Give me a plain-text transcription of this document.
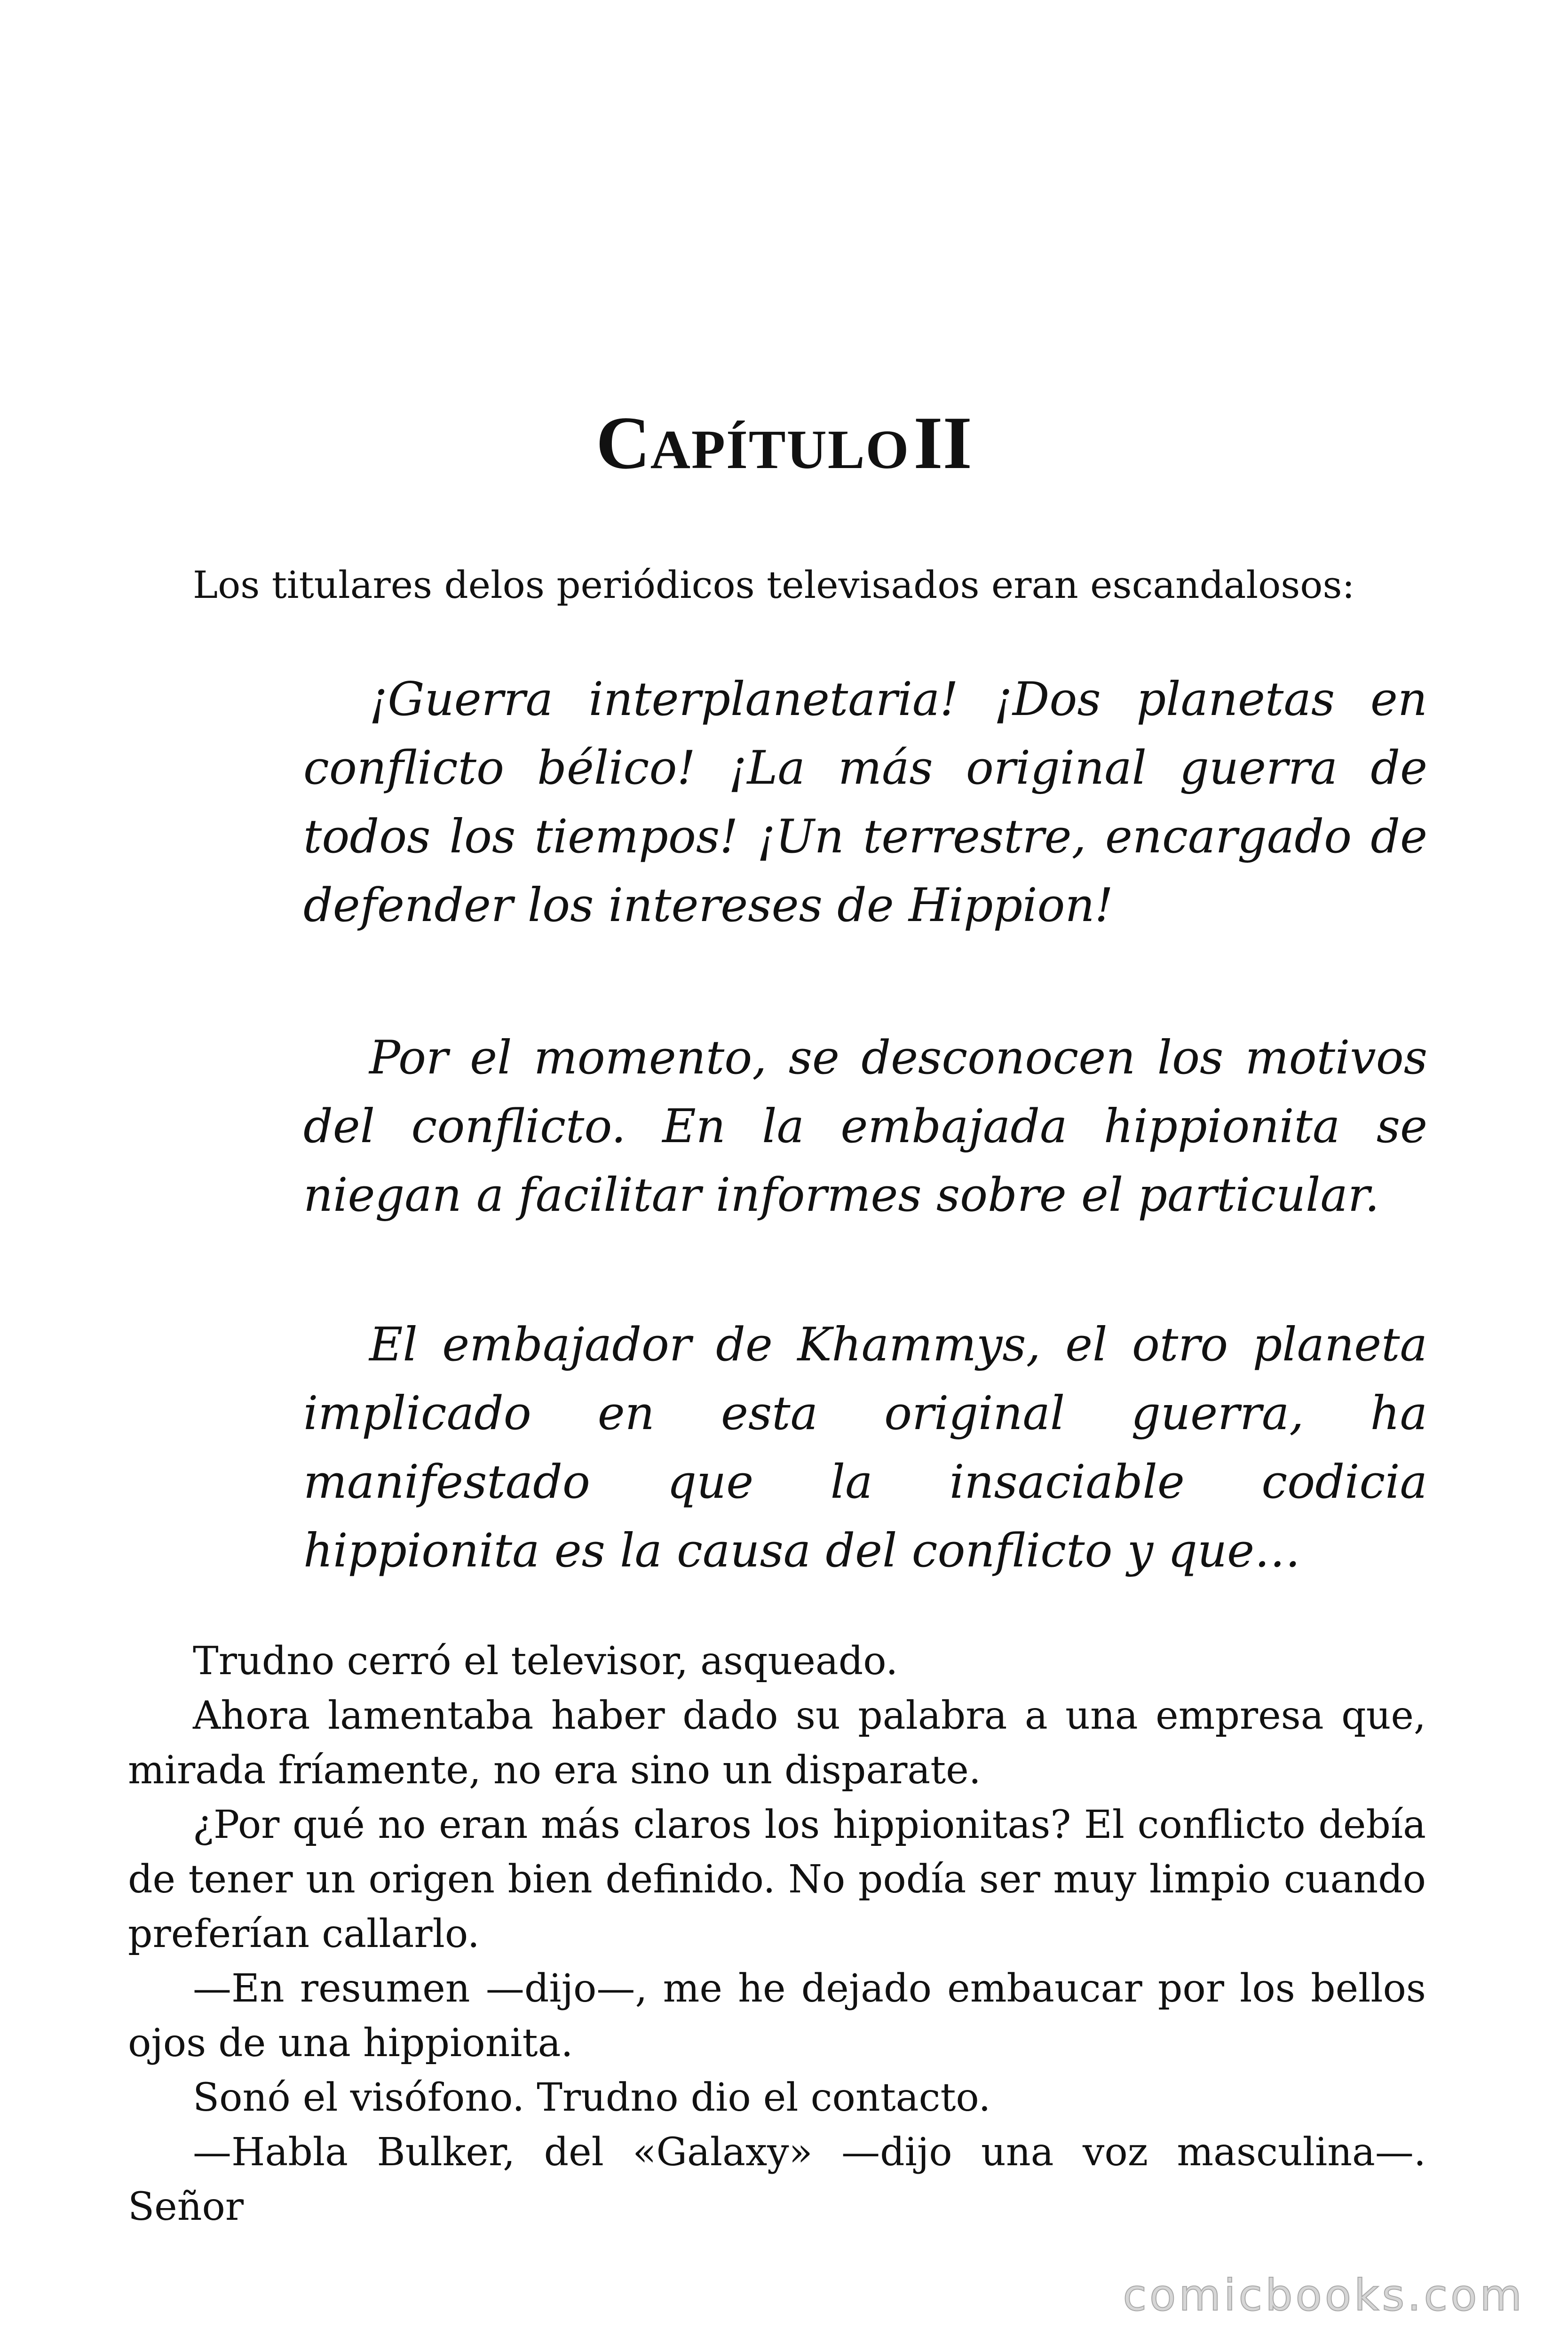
CAPÍTULO II
Los titulares delos periódicos televisados eran escandalosos:

¡Guerra interplanetaria! ¡Dos planetas en conflicto bélico! ¡La más original guerra de todos los tiempos! ¡Un terrestre, encargado de defender los intereses de Hippion!

Por el momento, se desconocen los motivos del conflicto. En la embajada hippionita se niegan a facilitar informes sobre el particular.

El embajador de Khammys, el otro planeta implicado en esta original guerra, ha manifestado que la insaciable codicia hippionita es la causa del conflicto y que…

Trudno cerró el televisor, asqueado.

Ahora lamentaba haber dado su palabra a una empresa que, mirada fríamente, no era sino un disparate.

¿Por qué no eran más claros los hippionitas? El conflicto debía de tener un origen bien definido. No podía ser muy limpio cuando preferían callarlo.

—En resumen —dijo—, me he dejado embaucar por los bellos ojos de una hippionita.

Sonó el visófono. Trudno dio el contacto.

—Habla Bulker, del «Galaxy» —dijo una voz masculina—. Señor

comicbooks.com
